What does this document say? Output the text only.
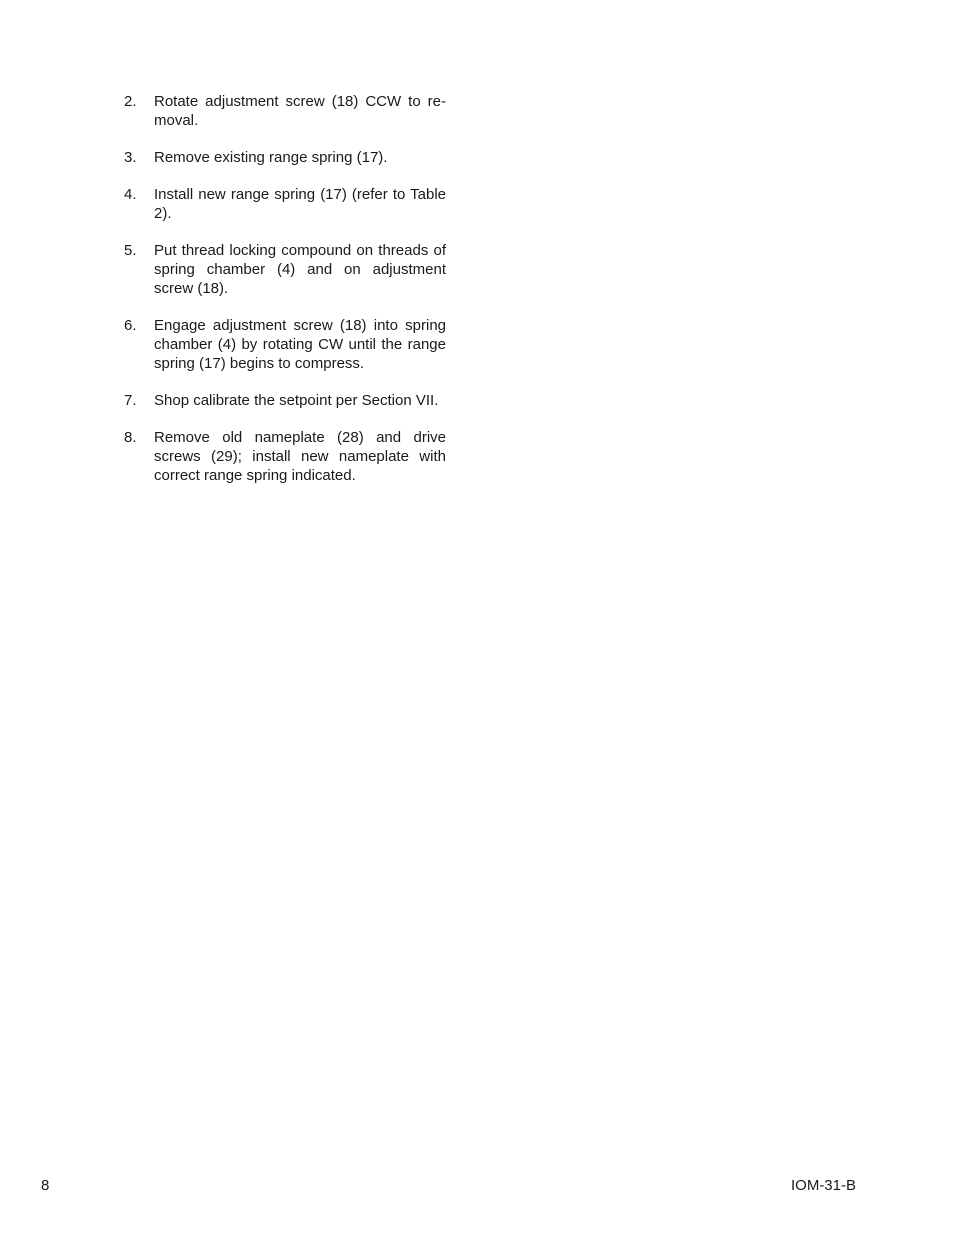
2.	Rotate adjustment screw (18) CCW to re-moval.
3.	Remove existing range spring (17).
4.	Install new range spring (17) (refer to Table 2).
5.	Put thread locking compound on threads of spring chamber (4) and on adjustment screw (18).
6.	Engage adjustment screw (18) into spring chamber (4) by rotating CW until the range spring (17) begins to compress.
7.	Shop calibrate the setpoint per Section VII.
8.	Remove old nameplate (28) and drive screws (29); install new nameplate with correct range spring indicated.
8	IOM-31-B
